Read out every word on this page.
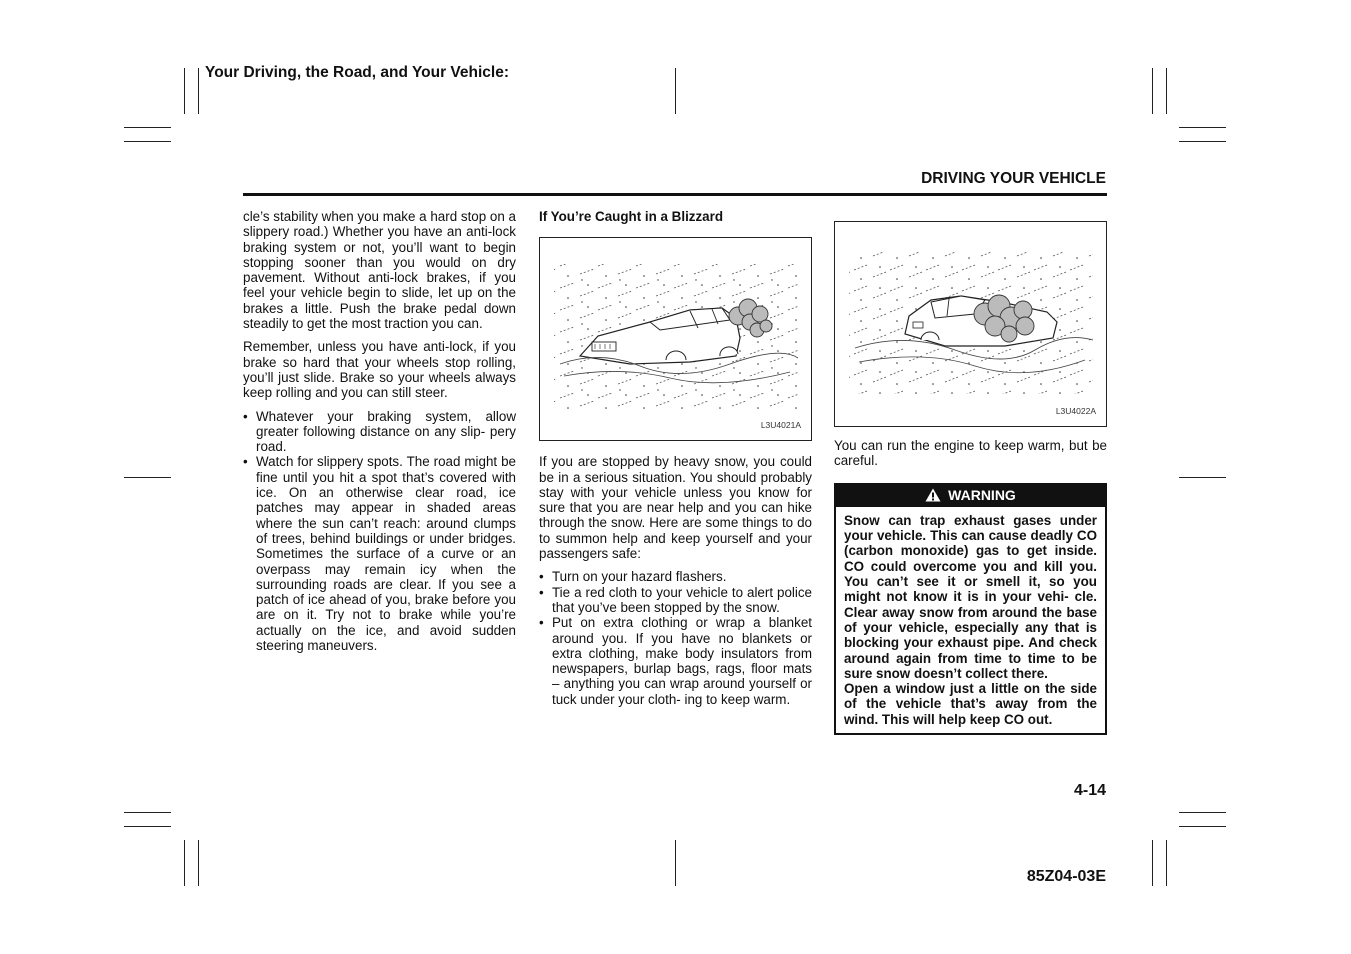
Your Driving, the Road, and Your Vehicle:
DRIVING YOUR VEHICLE

cle’s stability when you make a hard stop on a slippery road.) Whether you have an anti-lock braking system or not, you’ll want to begin stopping sooner than you would on dry pavement. Without anti-lock brakes, if you feel your vehicle begin to slide, let up on the brakes a little. Push the brake pedal down steadily to get the most traction you can.

Remember, unless you have anti-lock, if you brake so hard that your wheels stop rolling, you’ll just slide. Brake so your wheels always keep rolling and you can still steer.

• Whatever your braking system, allow greater following distance on any slip- pery road.
• Watch for slippery spots. The road might be fine until you hit a spot that’s covered with ice. On an otherwise clear road, ice patches may appear in shaded areas where the sun can’t reach: around clumps of trees, behind buildings or under bridges. Sometimes the surface of a curve or an overpass may remain icy when the surrounding roads are clear. If you see a patch of ice ahead of you, brake before you are on it. Try not to brake while you’re actually on the ice, and avoid sudden steering maneuvers.

If You’re Caught in a Blizzard

L3U4021A

If you are stopped by heavy snow, you could be in a serious situation. You should probably stay with your vehicle unless you know for sure that you are near help and you can hike through the snow. Here are some things to do to summon help and keep yourself and your passengers safe:

• Turn on your hazard flashers.
• Tie a red cloth to your vehicle to alert police that you’ve been stopped by the snow.
• Put on extra clothing or wrap a blanket around you. If you have no blankets or extra clothing, make body insulators from newspapers, burlap bags, rags, floor mats – anything you can wrap around yourself or tuck under your cloth- ing to keep warm.
L3U4022A

You can run the engine to keep warm, but be careful.

WARNING

Snow can trap exhaust gases under your vehicle. This can cause deadly CO (carbon monoxide) gas to get inside. CO could overcome you and kill you. You can’t see it or smell it, so you might not know it is in your vehi- cle. Clear away snow from around the base of your vehicle, especially any that is blocking your exhaust pipe. And check around again from time to time to be sure snow doesn’t collect there.

Open a window just a little on the side of the vehicle that’s away from the wind. This will help keep CO out.

4-14
85Z04-03E
